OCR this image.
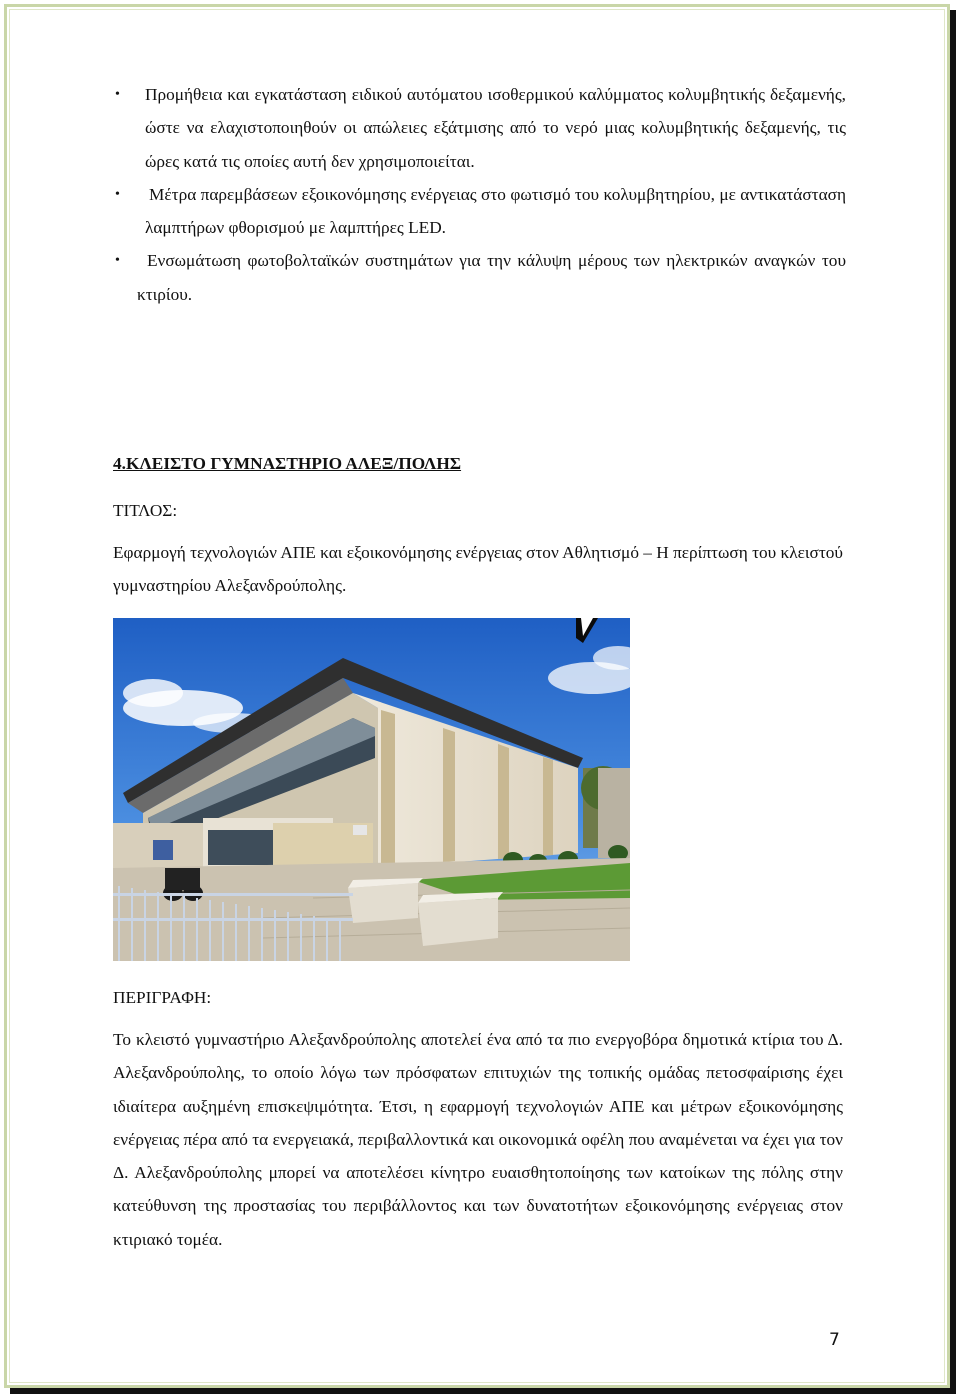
• Προμήθεια και εγκατάσταση ειδικού αυτόματου ισοθερμικού καλύμματος κολυμβητικής δεξαμενής, ώστε να ελαχιστοποιηθούν οι απώλειες εξάτμισης από το νερό μιας κολυμβητικής δεξαμενής, τις ώρες κατά τις οποίες αυτή δεν χρησιμοποιείται.
• Μέτρα παρεμβάσεων εξοικονόμησης ενέργειας στο φωτισμό του κολυμβητηρίου, με αντικατάσταση λαμπτήρων φθορισμού με λαμπτήρες LED.
•	Ενσωμάτωση φωτοβολταϊκών συστημάτων για την κάλυψη μέρους των ηλεκτρικών αναγκών του κτιρίου.
4.ΚΛΕΙΣΤΟ ΓΥΜΝΑΣΤΗΡΙΟ ΑΛΕΞ/ΠΟΛΗΣ

ΤΙΤΛΟΣ:

Εφαρμογή τεχνολογιών ΑΠΕ και εξοικονόμησης ενέργειας στον Αθλητισμό – Η περίπτωση του κλειστού γυμναστηρίου Αλεξανδρούπολης.

ΠΕΡΙΓΡΑΦΗ:

Το κλειστό γυμναστήριο Αλεξανδρούπολης αποτελεί ένα από τα πιο ενεργοβόρα δημοτικά κτίρια του Δ. Αλεξανδρούπολης, το οποίο λόγω των πρόσφατων επιτυχιών της τοπικής ομάδας πετοσφαίρισης έχει ιδιαίτερα αυξημένη επισκεψιμότητα. Έτσι, η εφαρμογή τεχνολογιών ΑΠΕ και μέτρων εξοικονόμησης ενέργειας πέρα από τα ενεργειακά, περιβαλλοντικά και οικονομικά οφέλη που αναμένεται να έχει για τον Δ. Αλεξανδρούπολης μπορεί να αποτελέσει κίνητρο ευαισθητοποίησης των κατοίκων της πόλης στην κατεύθυνση της προστασίας του περιβάλλοντος και των δυνατοτήτων εξοικονόμησης ενέργειας στον κτιριακό τομέα.

7
